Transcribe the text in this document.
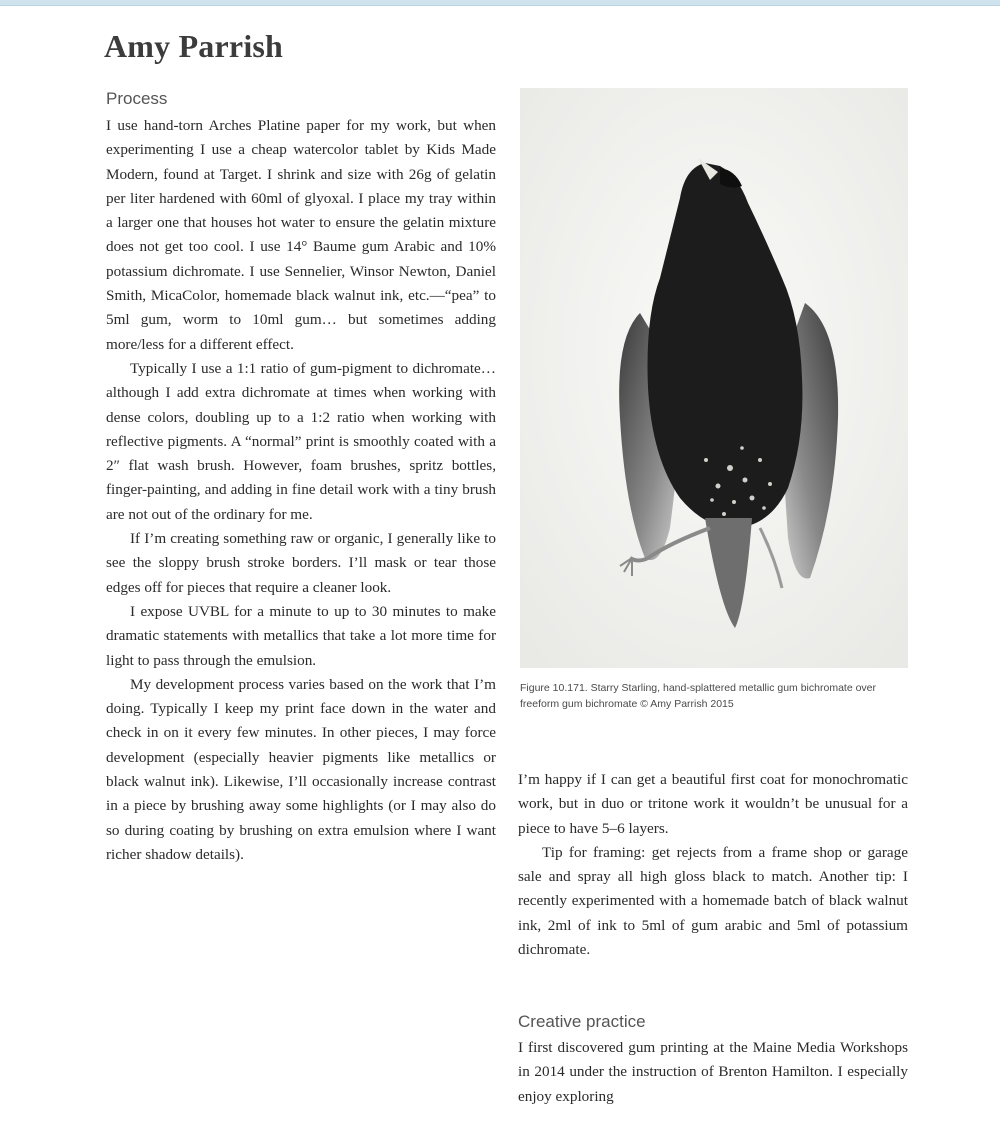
Amy Parrish
Process

I use hand-torn Arches Platine paper for my work, but when experimenting I use a cheap watercolor tablet by Kids Made Modern, found at Target. I shrink and size with 26g of gelatin per liter hardened with 60ml of glyoxal. I place my tray within a larger one that houses hot water to ensure the gelatin mixture does not get too cool. I use 14° Baume gum Arabic and 10% potassium dichromate. I use Sennelier, Winsor Newton, Daniel Smith, MicaColor, homemade black walnut ink, etc.—“pea” to 5ml gum, worm to 10ml gum… but sometimes adding more/less for a different effect.

Typically I use a 1:1 ratio of gum-pigment to dichromate…although I add extra dichromate at times when working with dense colors, doubling up to a 1:2 ratio when working with reflective pigments. A “normal” print is smoothly coated with a 2″ flat wash brush. However, foam brushes, spritz bottles, finger-painting, and adding in fine detail work with a tiny brush are not out of the ordinary for me.

If I’m creating something raw or organic, I generally like to see the sloppy brush stroke borders. I’ll mask or tear those edges off for pieces that require a cleaner look.

I expose UVBL for a minute to up to 30 minutes to make dramatic statements with metallics that take a lot more time for light to pass through the emulsion.

My development process varies based on the work that I’m doing. Typically I keep my print face down in the water and check in on it every few minutes. In other pieces, I may force development (especially heavier pigments like metallics or black walnut ink). Likewise, I’ll occasionally increase contrast in a piece by brushing away some highlights (or I may also do so during coating by brushing on extra emulsion where I want richer shadow details).

Figure 10.171. Starry Starling, hand-splattered metallic gum bichromate over freeform gum bichromate © Amy Parrish 2015

I’m happy if I can get a beautiful first coat for monochromatic work, but in duo or tritone work it wouldn’t be unusual for a piece to have 5–6 layers.

Tip for framing: get rejects from a frame shop or garage sale and spray all high gloss black to match. Another tip: I recently experimented with a homemade batch of black walnut ink, 2ml of ink to 5ml of gum arabic and 5ml of potassium dichromate.

Creative practice

I first discovered gum printing at the Maine Media Workshops in 2014 under the instruction of Brenton Hamilton. I especially enjoy exploring
